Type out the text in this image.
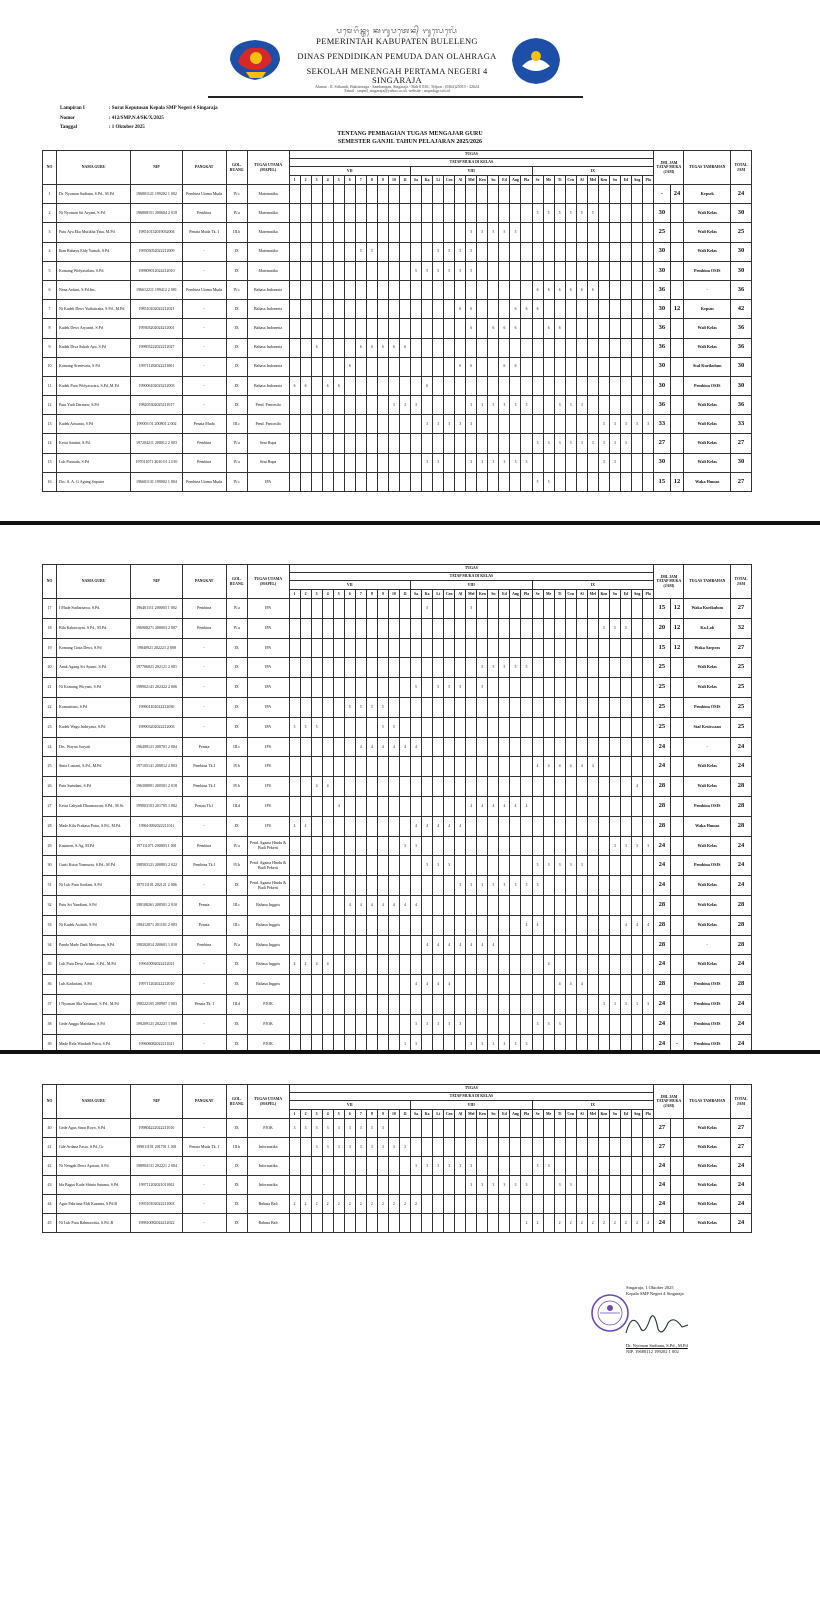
ᬧᬫᬾᬭᬶᬦ᭄ᬢᬄ ᬓᬩᬸᬧᬢᬾᬦ᭄ ᬩᬸᬮᬾᬮᬾᬂ
PEMERINTAH KABUPATEN BULELENG
DINAS PENDIDIKAN PEMUDA DAN OLAHRAGA
SEKOLAH MENENGAH PERTAMA NEGERI 4 SINGARAJA
Alamat : Jl. Srikandi, Baktiseraga - Sambangan, Singaraja - Bali 81161, Telpon : (0362)25019 - 32624
Email : smpn4_singaraja@yahoo.co.id, website : smpn4sgr.sch.id
Lampiran I	: Surat Keputusan Kepala SMP Negeri 4 Singaraja
Nomor	: 412/SMP.N.4/SK/X/2025
Tanggal	: 1 Oktober 2025
TENTANG PEMBAGIAN TUGAS MENGAJAR GURU
SEMESTER GANJIL TAHUN PELAJARAN 2025/2026
NO	NAMA GURU	NIP	PANGKAT	GOL. RUANG	TUGAS UTAMA (MAPEL)	TUGAS																																	JML JAM TATAP MUKA (JAM)		TUGAS TAMBAHAN	TOTAL JAM
						TATAP MUKA DI KELAS																																				
						VII											VIII											IX														
						1	2	3	4	5	6	7	8	9	10	11	Sa	Ka	Li	Cen	Al	Mel	Ken	Su	Ed	Ang	Pla	Se	Me	Ti	Cen	Al	Mel	Ken	Su	Ed	Ang	Pla				
1	Dr. Nyoman Sudiana, S.Pd., M.Pd	196801121 199202 1 002	Pembina Utama Muda	IV.c	Matematika																																		-	24	Kepsek	24
2	Ni Nyoman Sri Aryani, S.Pd.	196808151 200604 2 018	Pembina	IV.a	Matematika																							5	5	5	5	5	5						30		Wali Kelas	30
3	Putu Ayu Eka Mutikha Yasa, M.Pd	198510152019032004	Penata Muda Tk. I	III.b	Matematika																	5	5	5	5	5													25		Wali Kelas	25
4	Ikan Rahayu Eldy Yamak, S.Pd	199503052022212009	-	IX	Matematika							5	5						5	5	5	5																	30		Wali Kelas	30
5	Komang Widyasrilata, S.Pd.	199809012024212010	-	IX	Matematika												5	5	5	5	5	5																	30		Pembina OSIS	30
6	Nena Ardani, S.Pd.Ins.	196612211 199412 2 001	Pembina Utama Muda	IV.c	Bahasa Indonesia																							6	6	6	6	6	6						36		-	36
7	Ni Kadek Dewi Yudistiraka, S.Pd., M.Pd	198510102022212021	-	IX	Bahasa Indonesia																6	6				6	6	6											30	12	Kepsus	42
8	Kadek Dewi Aryantri, S.Pd	199303202024212001	-	IX	Bahasa Indonesia																	6		6	6	6			6	6									36		Wali Kelas	36
9	Kadek Diva Sukah Ayu, S.Pd	199803222022212027	-	IX	Bahasa Indonesia			6				6	6	6	6	6																							36		Wali Kelas	36
10	Komang Arenevatu, S.Pd.	199711282022211001	-	IX	Bahasa Indonesia						6										6	6			6	6													30		Staf Kurikulum	30
11	Kadek Putu Widyaswara, S.Pd.,M.Pd	199006102023212003	-	IX	Bahasa Indonesia	6	6		6	6								6																					30		Pembina OSIS	30
12	Putu Yudi Darmaw, S.Pd	198205302025211017	-	IX	Pend. Pancasila										3	3	3					3	3	3	3	3	3			3	3	3							36		Wali Kelas	36
13	Kadek Arisanta, S.Pd	199003 01 200801 2 002	Penata Muda	III.c	Pend. Pancasila													3	3	3	3	3												3	3	3	3	3	33		Wali Kelas	33
14	Ketut Santini, S.Pd.	197204211 200012 2 003	Pembina	IV.a	Seni Rupa																							3	3	3	3	3	3	3	3	3			27		Wali Kelas	27
15	Luh Purnada, S.Pd	197011071 2010 01 2 010	Pembina	IV.a	Seni Rupa													3	3			3	3	3	3	3	3							3	3				30		Wali Kelas	30
16	Drs. A. A. G Agung Suputra	196601131 199002 1 004	Pembina Utama Muda	IV.c	IPA																							5	5										15	12	Waka Humas	27
NO	NAMA GURU	NIP	PANGKAT	GOL. RUANG	TUGAS UTAMA (MAPEL)	TUGAS																																	JML JAM TATAP MUKA (JAM)		TUGAS TAMBAHAN	TOTAL JAM
						TATAP MUKA DI KELAS																																				
						VII											VIII											IX														
						1	2	3	4	5	6	7	8	9	10	11	Sa	Ka	Li	Cen	Al	Mel	Ken	Su	Ed	Ang	Pla	Se	Me	Ti	Cen	Al	Mel	Ken	Su	Ed	Ang	Pla				
17	I Made Sudiarsawa, S.Pd.	196401111 200003 1 002	Pembina	IV.a	IPA													5				5																	15	12	Waka Kurikulum	27
18	Bila Kabawayni, S.Pd., M.Pd.	196908271 200003 2 007	Pembina	IV.a	IPA																													5	5	5			20	12	Ka.Lab	32
19	Komang Cinta Dewi, S.Pd	19840921 202221 2 008	-	IX	IPA																																		15	12	Waka Sarpras	27
20	Anak Agung Sri Ayumi, S.Pd.	197706021 202121 2 001	-	IX	IPA																		5	5	5	5	5												25		Wali Kelas	25
21	Ni Komang Wiryani, S.Pd	198902141 202322 2 006	-	IX	IPA												5		5	5	5		5																25		Wali Kelas	25
22	Komasituni, S.Pd	199601102022212030	-	IX	IPA						5	5	5	5																									25		Pembina OSIS	25
23	Kadek Wagu Indriyana, S.Pd	199903202022212003	-	IX	IPA	5	5	5						5	5																								25		Staf Kesiswaan	25
24	Drs. Wayan Suryati	196408121 200701 2 004	Penata	III.c	IPS							4	4	4	4	4	4																						24		-	24
25	Sinta Lusiani, S.Pd., M.Pd	197105141 200012 2 003	Pembina Tk.I	IV.b	IPS																							4	4	4	4	4	4						24		Wali Kelas	24
26	Putu Sumdani, S.Pd	196308091 200501 2 018	Pembina Tk.I	IV.b	IPS			4	4																												4		28		Wali Kelas	28
27	Ketut Cahyadi Dharmawan, S.Pd., M.Si.	199003103 201705 1 002	Penata Tk.I	III.d	IPS					4												4	4	4	4	4	4												28		Pembina OSIS	28
28	Made Kilu Prakasa Putra, S.Pd., M.Pd.	199610092022211011	-	IX	IPS	4	4										4	4	4	4	4																		28		Waka Humas	28
29	Kasimen, S.Ag, M.Pd	197111071 200003 1 001	Pembina	IV.a	Pend. Agama Hindu & Budi Pekerti											3	3																		3	3	3	3	24		Wali Kelas	24
30	Gusti Kutut Yasmurta, S.Pd., M.Pd	198503121 200801 2 022	Pembina Tk.I	IV.b	Pend. Agama Hindu & Budi Pekerti													3	3	3								3	3	3	3	3							24		Pembina OSIS	24
31	Ni Luh Putu Sarilani, S.Pd	197511101 202121 2 006	-	IX	Pend. Agama Hindu & Budi Pekerti																3	3	3	3	3	3	3	3											24		Wali Kelas	24
32	Putu Sri Yandiani, S.Pd	198108261 200501 2 010	Penata	III.c	Bahasa Inggris						4	4	4	4	4	4	4																						28		Wali Kelas	28
33	Ni Kadek Astiniti, S.Pd	198412071 201101 2 003	Penata	III.c	Bahasa Inggris																						4	4								4	4	4	28		Wali Kelas	28
34	Panda Made Dadi Mertawan, S.Pd.	198202014 200601 1 010	Pembina	IV.a	Bahasa Inggris													4	4	4	4	4	4	4															28		-	28
35	Luh Putu Dewi Ariani, S.Pd., M.Pd	199610092022212021	-	IX	Bahasa Inggris	4	4	4	4																				4										24		Wali Kelas	24
36	Luh Kadariani, S.Pd	199711202022212010	-	IX	Bahasa Inggris												4	4	4	4										4	4	4							28		Pembina OSIS	28
37	I Nyoman Sha Yasmurti, S.Pd., M.Pd	198222105 200907 1 003	Penata Tk. I	III.d	PJOK																													3	3	3	3	3	24		Pembina OSIS	24
38	Gede Angga Mardiana, S.Pd	199209121 202221 1 008	-	IX	PJOK												3	3	3	3	3							3	3	3									24		Pembina OSIS	24
39	Made Rela Windudi Putra, S.Pd	199606082022211021	-	IX	PJOK											3	3					3	3	3	3	3	3												24	-	Pembina OSIS	24
NO	NAMA GURU	NIP	PANGKAT	GOL. RUANG	TUGAS UTAMA (MAPEL)	TUGAS																																	JML JAM TATAP MUKA (JAM)		TUGAS TAMBAHAN	TOTAL JAM
						TATAP MUKA DI KELAS																																				
						VII											VIII											IX														
						1	2	3	4	5	6	7	8	9	10	11	Sa	Ka	Li	Cen	Al	Mel	Ken	Su	Ed	Ang	Pla	Se	Me	Ti	Cen	Al	Mel	Ken	Su	Ed	Ang	Pla				
40	Gede Agus Sinar Royo, S.Pd	199804222022211010	-	IX	PJOK	3	3	3	3	3	3	3	3	3																									27		Wali Kelas	27
41	Gde Ardana Pasra, S.Pd.,Gr	199011191 201701 1 001	Penata Muda Tk. I	III.b	Informatika			3	3	3	3	3	3	3	3	3																							27		Wali Kelas	27
42	Ni Nengah Dewi Apriani, S.Pd	198904131 202221 2 004	-	IX	Informatika												3	3	3	3	3	3						3	3										24		Wali Kelas	24
43	Ida Bagus Kade Shinta Sutama, S.Pd	199711202021011002	-	IX	Informatika																	3	3	3	3	3	3			3	3								24		Wali Kelas	24
44	Agus Pahriana Eldi Kasanta, S.Pd.B	199510102022211003	-	IX	Bahasa Bali	2	2	2	2	2	2	2	2	2	2	2	2																						24		Wali Kelas	24
45	Ni Luh Putu Rahmawitia, S.Pd.,B	199810082024212022	-	IX	Bahasa Bali																						2	2		2	2	2	2	2	2	2	2	2	24		Wali Kelas	24
Singaraja, 1 Oktober 2025
Kepala SMP Negeri 4 Singaraja
Dr. Nyoman Sudiana, S.Pd., M.Pd
NIP. 19680112 199202 1 002
